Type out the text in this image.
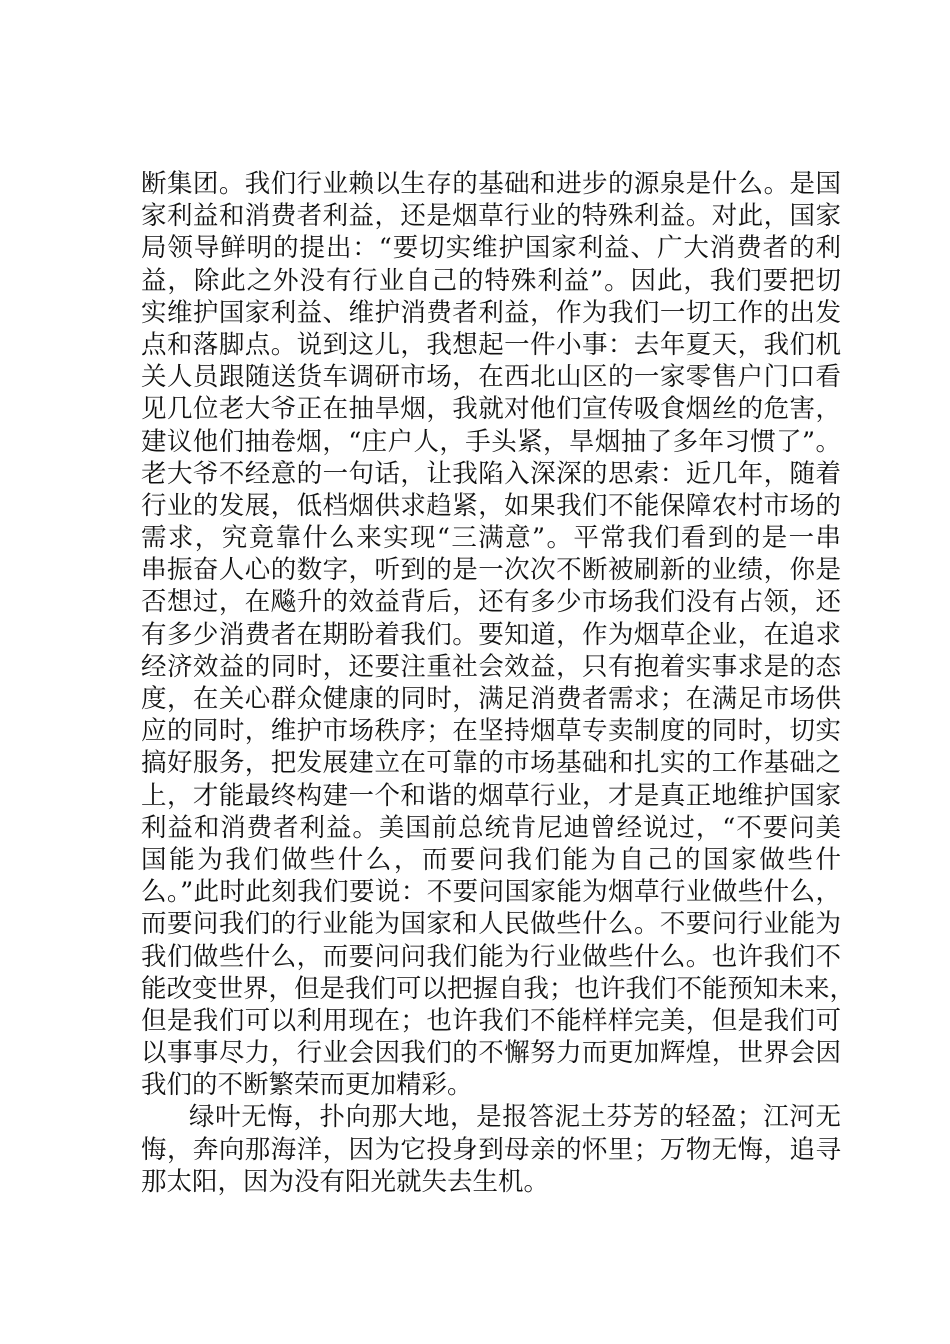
断集团。我们行业赖以生存的基础和进步的源泉是什么。是国
家利益和消费者利益，还是烟草行业的特殊利益。对此，国家
局领导鲜明的提出：“要切实维护国家利益、广大消费者的利
益，除此之外没有行业自己的特殊利益”。因此，我们要把切
实维护国家利益、维护消费者利益，作为我们一切工作的出发
点和落脚点。说到这儿，我想起一件小事：去年夏天，我们机
关人员跟随送货车调研市场，在西北山区的一家零售户门口看
见几位老大爷正在抽旱烟，我就对他们宣传吸食烟丝的危害，
建议他们抽卷烟，“庄户人，手头紧，旱烟抽了多年习惯了”。
老大爷不经意的一句话，让我陷入深深的思索：近几年，随着
行业的发展，低档烟供求趋紧，如果我们不能保障农村市场的
需求，究竟靠什么来实现“三满意”。平常我们看到的是一串
串振奋人心的数字，听到的是一次次不断被刷新的业绩，你是
否想过，在飚升的效益背后，还有多少市场我们没有占领，还
有多少消费者在期盼着我们。要知道，作为烟草企业，在追求
经济效益的同时，还要注重社会效益，只有抱着实事求是的态
度，在关心群众健康的同时，满足消费者需求；在满足市场供
应的同时，维护市场秩序；在坚持烟草专卖制度的同时，切实
搞好服务，把发展建立在可靠的市场基础和扎实的工作基础之
上，才能最终构建一个和谐的烟草行业，才是真正地维护国家
利益和消费者利益。美国前总统肯尼迪曾经说过，“不要问美
国能为我们做些什么，而要问我们能为自己的国家做些什
么。”此时此刻我们要说：不要问国家能为烟草行业做些什么，
而要问我们的行业能为国家和人民做些什么。不要问行业能为
我们做些什么，而要问问我们能为行业做些什么。也许我们不
能改变世界，但是我们可以把握自我；也许我们不能预知未来，
但是我们可以利用现在；也许我们不能样样完美，但是我们可
以事事尽力，行业会因我们的不懈努力而更加辉煌，世界会因
我们的不断繁荣而更加精彩。
绿叶无悔，扑向那大地，是报答泥土芬芳的轻盈；江河无
悔，奔向那海洋，因为它投身到母亲的怀里；万物无悔，追寻
那太阳，因为没有阳光就失去生机。
